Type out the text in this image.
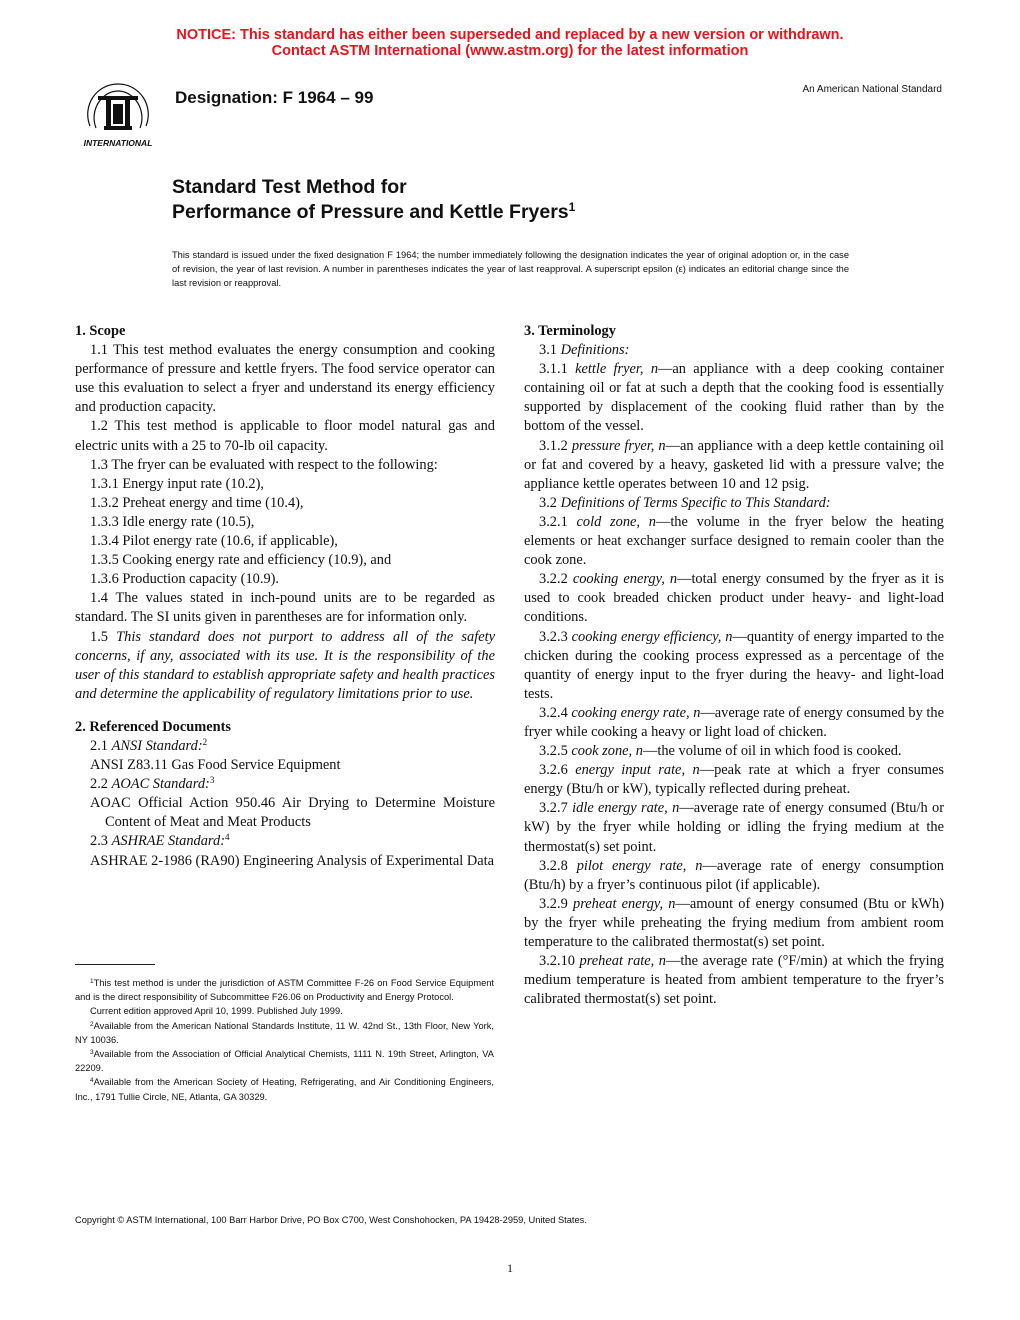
NOTICE: This standard has either been superseded and replaced by a new version or withdrawn.
Contact ASTM International (www.astm.org) for the latest information
INTERNATIONAL
Designation: F 1964 – 99	An American National Standard
Standard Test Method for
Performance of Pressure and Kettle Fryers$^1$
This standard is issued under the fixed designation F 1964; the number immediately following the designation indicates the year of original adoption or, in the case of revision, the year of last revision. A number in parentheses indicates the year of last reapproval. A superscript epsilon (ε) indicates an editorial change since the last revision or reapproval.
1. Scope

1.1 This test method evaluates the energy consumption and cooking performance of pressure and kettle fryers. The food service operator can use this evaluation to select a fryer and understand its energy efficiency and production capacity.

1.2 This test method is applicable to floor model natural gas and electric units with a 25 to 70-lb oil capacity.

1.3 The fryer can be evaluated with respect to the following:

1.3.1 Energy input rate (10.2),

1.3.2 Preheat energy and time (10.4),

1.3.3 Idle energy rate (10.5),

1.3.4 Pilot energy rate (10.6, if applicable),

1.3.5 Cooking energy rate and efficiency (10.9), and

1.3.6 Production capacity (10.9).

1.4 The values stated in inch-pound units are to be regarded as standard. The SI units given in parentheses are for information only.

1.5 This standard does not purport to address all of the safety concerns, if any, associated with its use. It is the responsibility of the user of this standard to establish appropriate safety and health practices and determine the applicability of regulatory limitations prior to use.

2. Referenced Documents

2.1 ANSI Standard:$^2$

ANSI Z83.11 Gas Food Service Equipment

2.2 AOAC Standard:$^3$

AOAC Official Action 950.46 Air Drying to Determine Moisture Content of Meat and Meat Products

2.3 ASHRAE Standard:$^4$

ASHRAE 2-1986 (RA90) Engineering Analysis of Experimental Data

3. Terminology

3.1 Definitions:

3.1.1 kettle fryer, n—an appliance with a deep cooking container containing oil or fat at such a depth that the cooking food is essentially supported by displacement of the cooking fluid rather than by the bottom of the vessel.

3.1.2 pressure fryer, n—an appliance with a deep kettle containing oil or fat and covered by a heavy, gasketed lid with a pressure valve; the appliance kettle operates between 10 and 12 psig.

3.2 Definitions of Terms Specific to This Standard:

3.2.1 cold zone, n—the volume in the fryer below the heating elements or heat exchanger surface designed to remain cooler than the cook zone.

3.2.2 cooking energy, n—total energy consumed by the fryer as it is used to cook breaded chicken product under heavy- and light-load conditions.

3.2.3 cooking energy efficiency, n—quantity of energy imparted to the chicken during the cooking process expressed as a percentage of the quantity of energy input to the fryer during the heavy- and light-load tests.

3.2.4 cooking energy rate, n—average rate of energy consumed by the fryer while cooking a heavy or light load of chicken.

3.2.5 cook zone, n—the volume of oil in which food is cooked.

3.2.6 energy input rate, n—peak rate at which a fryer consumes energy (Btu/h or kW), typically reflected during preheat.

3.2.7 idle energy rate, n—average rate of energy consumed (Btu/h or kW) by the fryer while holding or idling the frying medium at the thermostat(s) set point.

3.2.8 pilot energy rate, n—average rate of energy consumption (Btu/h) by a fryer’s continuous pilot (if applicable).

3.2.9 preheat energy, n—amount of energy consumed (Btu or kWh) by the fryer while preheating the frying medium from ambient room temperature to the calibrated thermostat(s) set point.

3.2.10 preheat rate, n—the average rate (°F/min) at which the frying medium temperature is heated from ambient temperature to the fryer’s calibrated thermostat(s) set point.

$^1$This test method is under the jurisdiction of ASTM Committee F-26 on Food Service Equipment and is the direct responsibility of Subcommittee F26.06 on Productivity and Energy Protocol.

Current edition approved April 10, 1999. Published July 1999.

$^2$Available from the American National Standards Institute, 11 W. 42nd St., 13th Floor, New York, NY 10036.

$^3$Available from the Association of Official Analytical Chemists, 1111 N. 19th Street, Arlington, VA 22209.

$^4$Available from the American Society of Heating, Refrigerating, and Air Conditioning Engineers, Inc., 1791 Tullie Circle, NE, Atlanta, GA 30329.

Copyright © ASTM International, 100 Barr Harbor Drive, PO Box C700, West Conshohocken, PA 19428-2959, United States.
1
